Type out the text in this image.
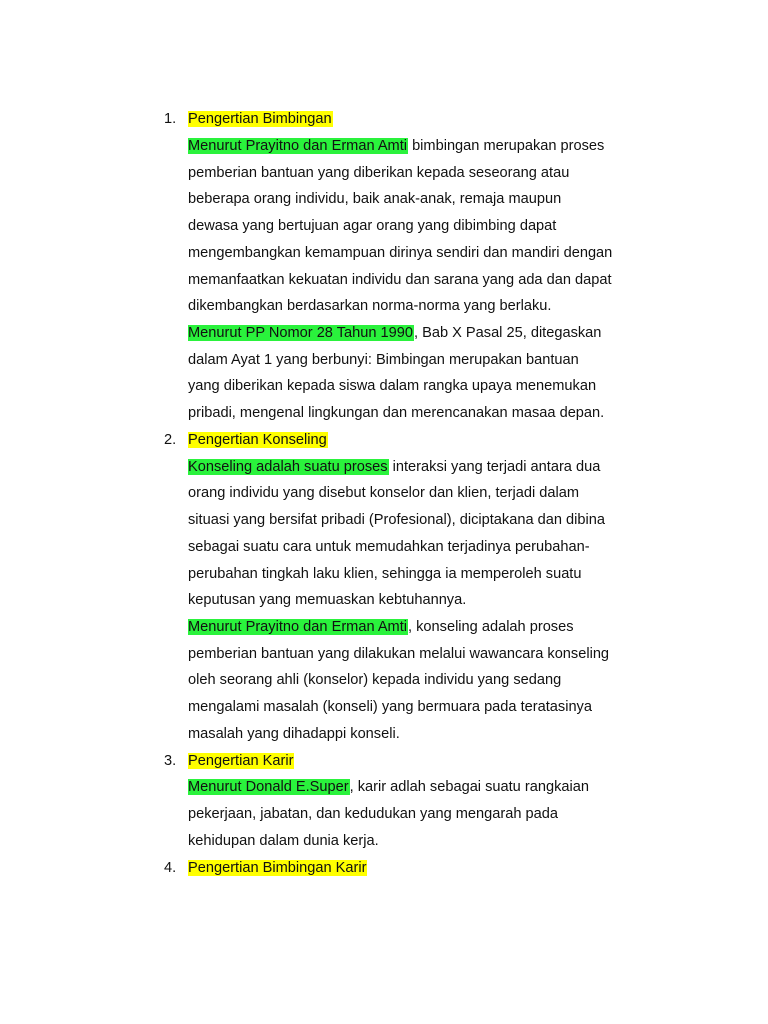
1. Pengertian Bimbingan
Menurut Prayitno dan Erman Amti bimbingan merupakan proses
pemberian bantuan yang diberikan kepada seseorang atau
beberapa orang individu, baik anak-anak, remaja maupun
dewasa yang bertujuan agar orang yang dibimbing dapat
mengembangkan kemampuan dirinya sendiri dan mandiri dengan
memanfaatkan kekuatan individu dan sarana yang ada dan dapat
dikembangkan berdasarkan norma-norma yang berlaku.
Menurut PP Nomor 28 Tahun 1990, Bab X Pasal 25, ditegaskan
dalam Ayat 1 yang berbunyi: Bimbingan merupakan bantuan
yang diberikan kepada siswa dalam rangka upaya menemukan
pribadi, mengenal lingkungan dan merencanakan masaa depan.
2. Pengertian Konseling
Konseling adalah suatu proses interaksi yang terjadi antara dua
orang individu yang disebut konselor dan klien, terjadi dalam
situasi yang bersifat pribadi (Profesional), diciptakana dan dibina
sebagai suatu cara untuk memudahkan terjadinya perubahan-
perubahan tingkah laku klien, sehingga ia memperoleh suatu
keputusan yang memuaskan kebtuhannya.
Menurut Prayitno dan Erman Amti, konseling adalah proses
pemberian bantuan yang dilakukan melalui wawancara konseling
oleh seorang ahli (konselor) kepada individu yang sedang
mengalami masalah (konseli) yang bermuara pada teratasinya
masalah yang dihadappi konseli.
3. Pengertian Karir
Menurut Donald E.Super, karir adlah sebagai suatu rangkaian
pekerjaan, jabatan, dan kedudukan yang mengarah pada
kehidupan dalam dunia kerja.
4. Pengertian Bimbingan Karir
